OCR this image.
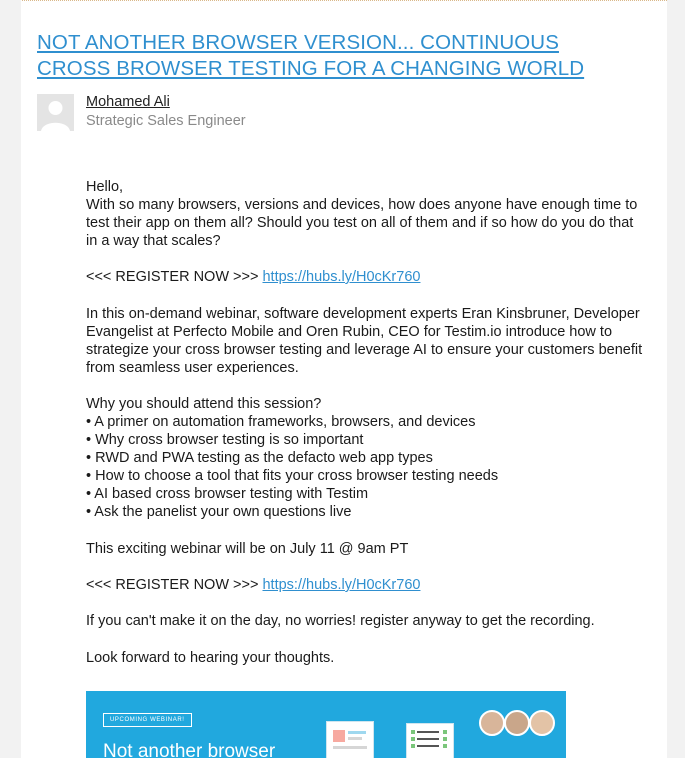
NOT ANOTHER BROWSER VERSION... CONTINUOUS CROSS BROWSER TESTING FOR A CHANGING WORLD
Mohamed Ali
Strategic Sales Engineer

Hello,

With so many browsers, versions and devices, how does anyone have enough time to test their app on them all? Should you test on all of them and if so how do you do that in a way that scales?

<<< REGISTER NOW >>> https://hubs.ly/H0cKr760
In this on-demand webinar, software development experts Eran Kinsbruner, Developer Evangelist at Perfecto Mobile and Oren Rubin, CEO for Testim.io introduce how to strategize your cross browser testing and leverage AI to ensure your customers benefit from seamless user experiences.

Why you should attend this session?

• A primer on automation frameworks, browsers, and devices
• Why cross browser testing is so important
• RWD and PWA testing as the defacto web app types
• How to choose a tool that fits your cross browser testing needs
• AI based cross browser testing with Testim
• Ask the panelist your own questions live
This exciting webinar will be on July 11 @ 9am PT
<<< REGISTER NOW >>> https://hubs.ly/H0cKr760
If you can't make it on the day, no worries! register anyway to get the recording.
Look forward to hearing your thoughts.
UPCOMING WEBINAR!
Not another browser
